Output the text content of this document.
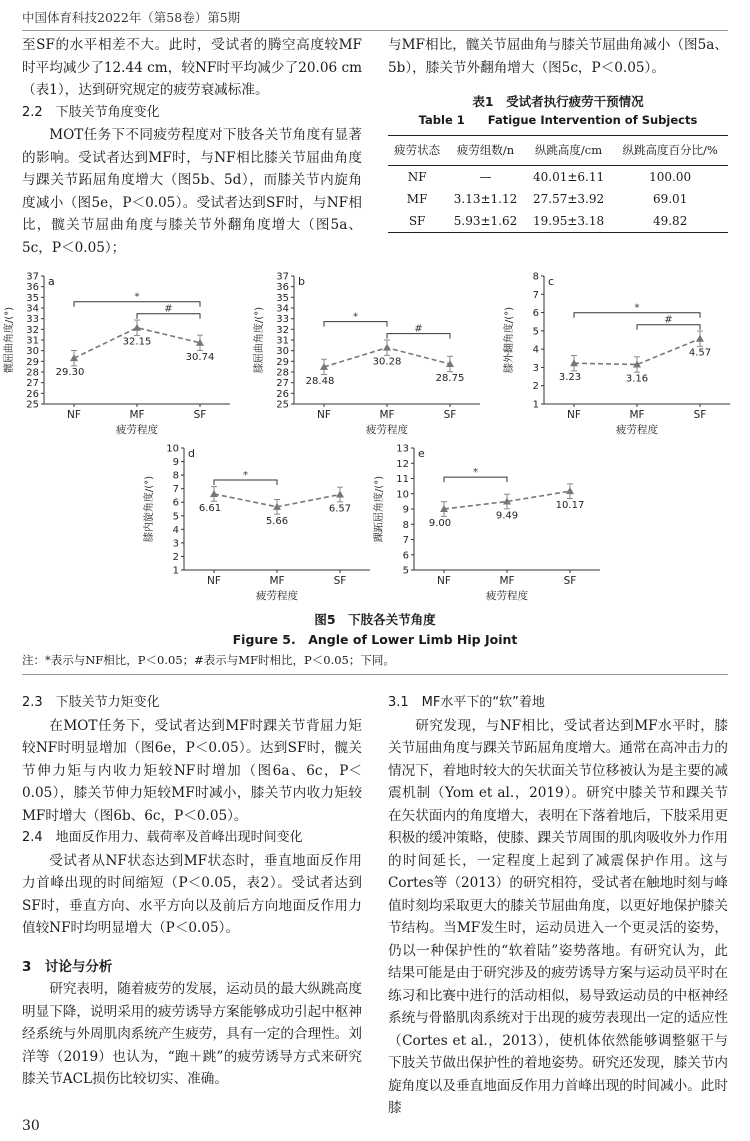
中国体育科技2022年（第58卷）第5期

至SF的水平相差不大。此时，受试者的腾空高度较MF时平均减少了12.44 cm，较NF时平均减少了20.06 cm（表1），达到研究规定的疲劳衰减标准。

2.2　下肢关节角度变化

MOT任务下不同疲劳程度对下肢各关节角度有显著的影响。受试者达到MF时，与NF相比膝关节屈曲角度与踝关节跖屈角度增大（图5b、5d），而膝关节内旋角度减小（图5e，P＜0.05）。受试者达到SF时，与NF相比，髋关节屈曲角度与膝关节外翻角度增大（图5a、5c，P＜0.05）；

与MF相比，髋关节屈曲角与膝关节屈曲角减小（图5a、5b），膝关节外翻角增大（图5c，P＜0.05）。

表1　受试者执行疲劳干预情况
Table 1　　Fatigue Intervention of Subjects
疲劳状态	疲劳组数/n	纵跳高度/cm	纵跳高度百分比/%
NF	—	40.01±6.11	100.00
MF	3.13±1.12	27.57±3.92	69.01
SF	5.93±1.62	19.95±3.18	49.82
25
26
27
28
29
30
31
32
33
34
35
36
37 a
髋屈曲角度/(°)
NF	MF	SF
疲劳程度
29.30
32.15
30.74
*
#
25
26
27
28
29
30
31
32
33
34
35
36
37 b
膝屈曲角度/(°)
NF	MF	SF
疲劳程度
28.48
30.28
28.75
*
#
1
2
3
4
5
6
7
8 c
膝外翻角度/(°)
NF	MF	SF
疲劳程度
3.23	3.16
4.57
*
#
1
2
3
4
5
6
7
8
9
10 d
膝内旋角度/(°)
NF	MF	SF
疲劳程度
6.61
5.66
6.57
*
5
6
7
8
9
10
11
12
13 e
踝跖屈角度/(°)
NF	MF	SF
疲劳程度
9.00
9.49
10.17
*
图5　下肢各关节角度
Figure 5.　Angle of Lower Limb Hip Joint
注：*表示与NF相比，P＜0.05；#表示与MF时相比，P＜0.05；下同。

2.3　下肢关节力矩变化

在MOT任务下，受试者达到MF时踝关节背屈力矩较NF时明显增加（图6e，P＜0.05）。达到SF时，髋关节伸力矩与内收力矩较NF时增加（图6a、6c，P＜0.05），膝关节伸力矩较MF时减小，膝关节内收力矩较MF时增大（图6b、6c，P＜0.05）。

2.4　地面反作用力、载荷率及首峰出现时间变化

受试者从NF状态达到MF状态时，垂直地面反作用力首峰出现的时间缩短（P＜0.05，表2）。受试者达到SF时，垂直方向、水平方向以及前后方向地面反作用力值较NF时均明显增大（P＜0.05）。

3　讨论与分析

研究表明，随着疲劳的发展，运动员的最大纵跳高度明显下降，说明采用的疲劳诱导方案能够成功引起中枢神经系统与外周肌肉系统产生疲劳，具有一定的合理性。刘洋等（2019）也认为，“跑＋跳”的疲劳诱导方式来研究膝关节ACL损伤比较切实、准确。

3.1　MF水平下的“软”着地

研究发现，与NF相比，受试者达到MF水平时，膝关节屈曲角度与踝关节跖屈角度增大。通常在高冲击力的情况下，着地时较大的矢状面关节位移被认为是主要的减震机制（Yom et al.，2019）。研究中膝关节和踝关节在矢状面内的角度增大，表明在下落着地后，下肢采用更积极的缓冲策略，使膝、踝关节周围的肌肉吸收外力作用的时间延长，一定程度上起到了减震保护作用。这与Cortes等（2013）的研究相符，受试者在触地时刻与峰值时刻均采取更大的膝关节屈曲角度，以更好地保护膝关节结构。当MF发生时，运动员进入一个更灵活的姿势，仍以一种保护性的“软着陆”姿势落地。有研究认为，此结果可能是由于研究涉及的疲劳诱导方案与运动员平时在练习和比赛中进行的活动相似，易导致运动员的中枢神经系统与骨骼肌肉系统对于出现的疲劳表现出一定的适应性（Cortes et al.，2013），使机体依然能够调整躯干与下肢关节做出保护性的着地姿势。研究还发现，膝关节内旋角度以及垂直地面反作用力首峰出现的时间减小。此时膝

30
